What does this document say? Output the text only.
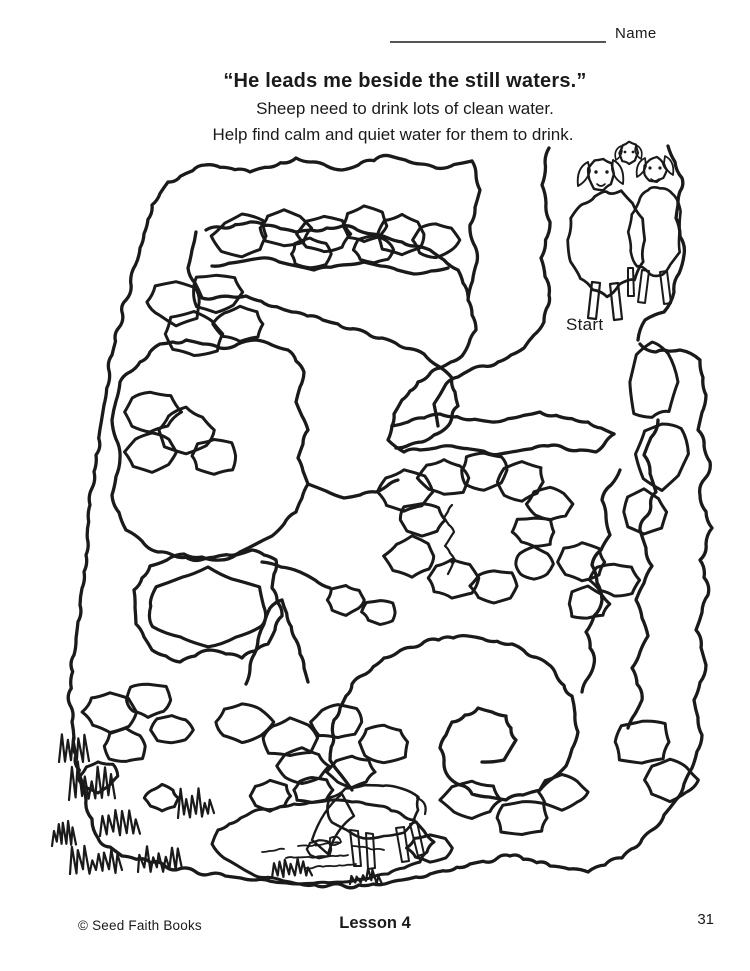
Name
“He leads me beside the still waters.”
Sheep need to drink lots of clean water.
Help find calm and quiet water for them to drink.
Start
© Seed Faith Books	Lesson 4	31
